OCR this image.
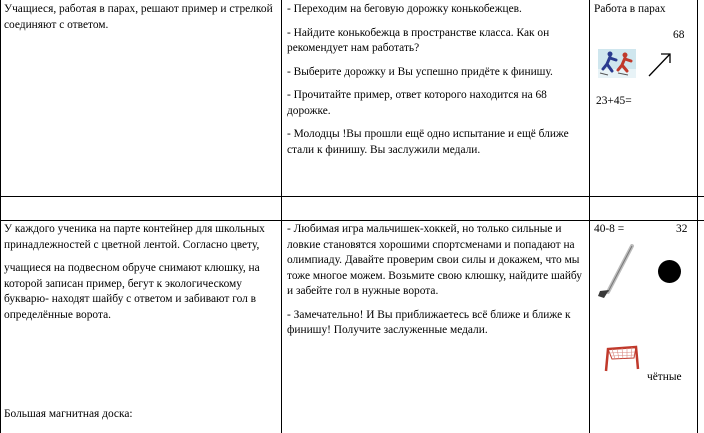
Учащиеся, работая в парах, решают пример и стрелкой соединяют с ответом.

- Переходим на беговую дорожку конькобежцев.

- Найдите конькобежца в пространстве класса. Как он рекомендует нам работать?

- Выберите дорожку и Вы успешно придёте к финишу.

- Прочитайте пример, ответ которого находится на 68 дорожке.

- Молодцы !Вы прошли ещё одно испытание и ещё ближе стали к финишу. Вы заслужили медали.

Работа в парах
68
23+45=

У каждого ученика на парте контейнер для школьных принадлежностей с цветной лентой. Согласно цвету,

учащиеся на подвесном обруче снимают клюшку, на которой записан пример, бегут к экологическому букварю- находят шайбу с ответом и забивают гол в определённые ворота.

Большая магнитная доска:

- Любимая игра мальчишек-хоккей, но только сильные и ловкие становятся хорошими спортсменами и попадают на олимпиаду. Давайте проверим свои силы и докажем, что мы тоже многое можем. Возьмите свою клюшку, найдите шайбу и забейте гол в нужные ворота.

- Замечательно! И Вы приближаетесь всё ближе и ближе к финишу! Получите заслуженные медали.

40-8 =	32
чётные
